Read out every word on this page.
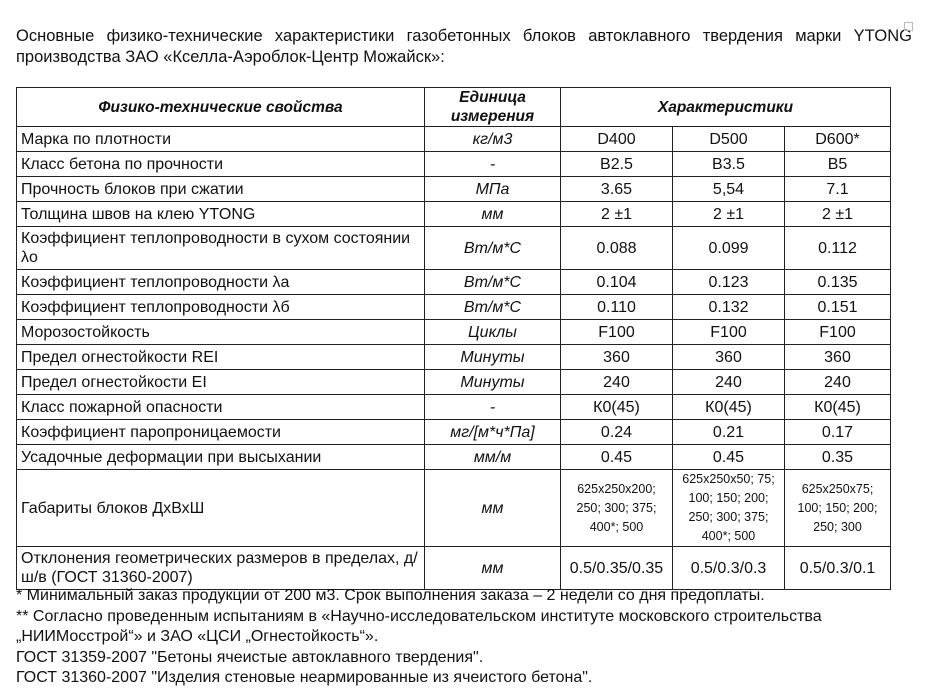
Основные физико-технические характеристики газобетонных блоков автоклавного твердения марки YTONG производства ЗАО «Кселла-Аэроблок-Центр Можайск»:
Физико-технические свойства	Единица измерения	Характеристики		
Марка по плотности	кг/м3	D400	D500	D600*
Класс бетона по прочности	-	B2.5	B3.5	B5
Прочность блоков при сжатии	МПа	3.65	5,54	7.1
Толщина швов на клею YTONG	мм	2 ±1	2 ±1	2 ±1
Коэффициент теплопроводности в сухом состоянии λo	Вт/м*С	0.088	0.099	0.112
Коэффициент теплопроводности λa	Вт/м*С	0.104	0.123	0.135
Коэффициент теплопроводности λб	Вт/м*С	0.110	0.132	0.151
Морозостойкость	Циклы	F100	F100	F100
Предел огнестойкости REI	Минуты	360	360	360
Предел огнестойкости EI	Минуты	240	240	240
Класс пожарной опасности	-	К0(45)	К0(45)	К0(45)
Коэффициент паропроницаемости	мг/[м*ч*Па]	0.24	0.21	0.17
Усадочные деформации при высыхании	мм/м	0.45	0.45	0.35
Габариты блоков ДхВхШ	мм	625x250x200; 250; 300; 375; 400*; 500	625x250x50; 75; 100; 150; 200; 250; 300; 375; 400*; 500	625x250x75; 100; 150; 200; 250; 300
Отклонения геометрических размеров в пределах, д/ш/в (ГОСТ 31360-2007)	мм	0.5/0.35/0.35	0.5/0.3/0.3	0.5/0.3/0.1
* Минимальный заказ продукции от 200 м3. Срок выполнения заказа – 2 недели со дня предоплаты.
** Согласно проведенным испытаниям в «Научно-исследовательском институте московского строительства
„НИИМосстрой“» и ЗАО «ЦСИ „Огнестойкость“».
ГОСТ 31359-2007 "Бетоны ячеистые автоклавного твердения".
ГОСТ 31360-2007 "Изделия стеновые неармированные из ячеистого бетона".
